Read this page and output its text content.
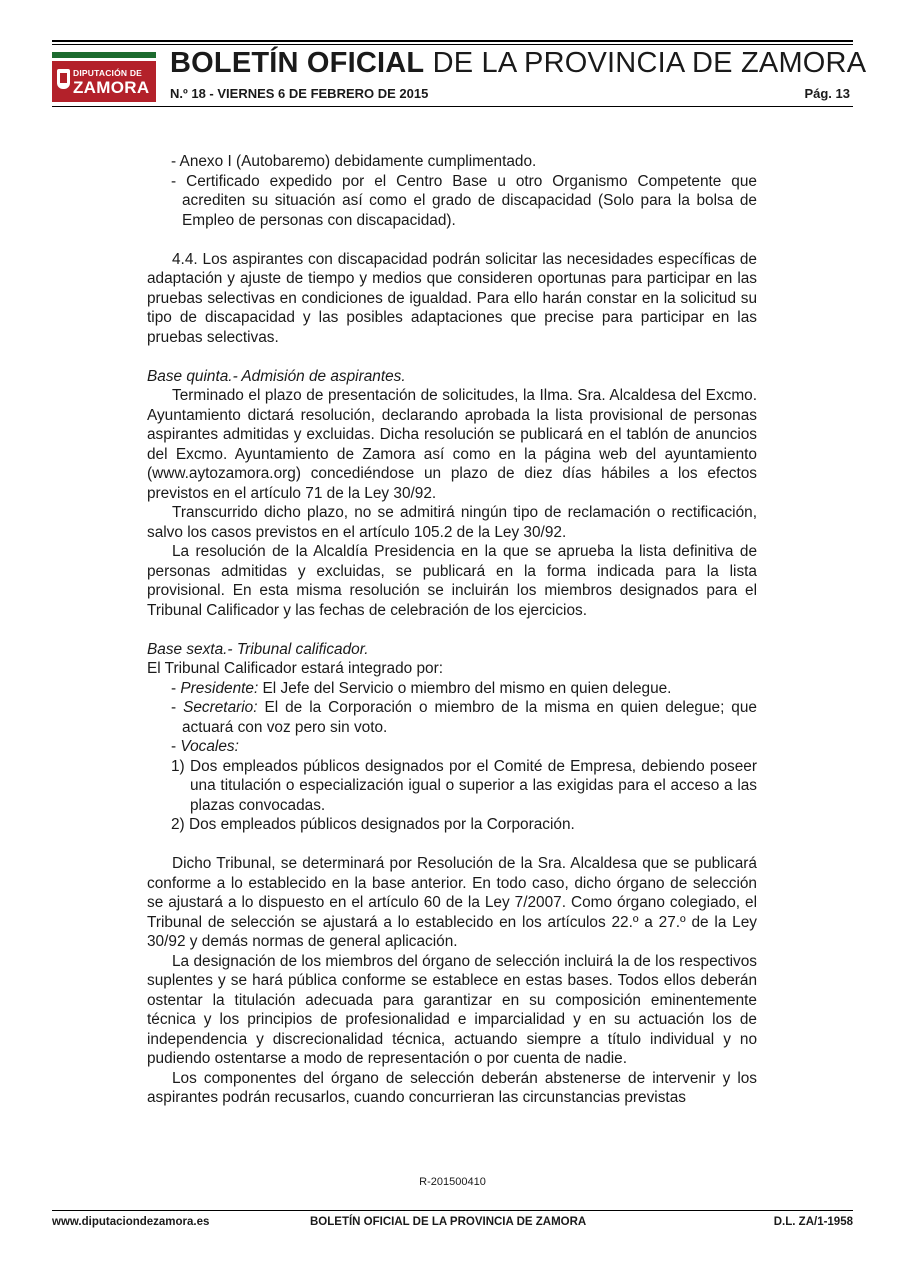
DIPUTACIÓN DE
ZAMORA
BOLETÍN OFICIAL DE LA PROVINCIA DE ZAMORA
N.º 18 - VIERNES 6 DE FEBRERO DE 2015	Pág. 13

- Anexo I (Autobaremo) debidamente cumplimentado.

- Certificado expedido por el Centro Base u otro Organismo Competente que acrediten su situación así como el grado de discapacidad (Solo para la bolsa de Empleo de personas con discapacidad).

4.4. Los aspirantes con discapacidad podrán solicitar las necesidades específicas de adaptación y ajuste de tiempo y medios que consideren oportunas para participar en las pruebas selectivas en condiciones de igualdad. Para ello harán constar en la solicitud su tipo de discapacidad y las posibles adaptaciones que precise para participar en las pruebas selectivas.

Base quinta.- Admisión de aspirantes.

Terminado el plazo de presentación de solicitudes, la Ilma. Sra. Alcaldesa del Excmo. Ayuntamiento dictará resolución, declarando aprobada la lista provisional de personas aspirantes admitidas y excluidas. Dicha resolución se publicará en el tablón de anuncios del Excmo. Ayuntamiento de Zamora así como en la página web del ayuntamiento (www.aytozamora.org) concediéndose un plazo de diez días hábiles a los efectos previstos en el artículo 71 de la Ley 30/92.

Transcurrido dicho plazo, no se admitirá ningún tipo de reclamación o rectificación, salvo los casos previstos en el artículo 105.2 de la Ley 30/92.

La resolución de la Alcaldía Presidencia en la que se aprueba la lista definitiva de personas admitidas y excluidas, se publicará en la forma indicada para la lista provisional. En esta misma resolución se incluirán los miembros designados para el Tribunal Calificador y las fechas de celebración de los ejercicios.

Base sexta.- Tribunal calificador.

El Tribunal Calificador estará integrado por:

- Presidente: El Jefe del Servicio o miembro del mismo en quien delegue.

- Secretario: El de la Corporación o miembro de la misma en quien delegue; que actuará con voz pero sin voto.

- Vocales:

1) Dos empleados públicos designados por el Comité de Empresa, debiendo poseer una titulación o especialización igual o superior a las exigidas para el acceso a las plazas convocadas.

2) Dos empleados públicos designados por la Corporación.

Dicho Tribunal, se determinará por Resolución de la Sra. Alcaldesa que se publicará conforme a lo establecido en la base anterior. En todo caso, dicho órgano de selección se ajustará a lo dispuesto en el artículo 60 de la Ley 7/2007. Como órgano colegiado, el Tribunal de selección se ajustará a lo establecido en los artículos 22.º a 27.º de la Ley 30/92 y demás normas de general aplicación.

La designación de los miembros del órgano de selección incluirá la de los respectivos suplentes y se hará pública conforme se establece en estas bases. Todos ellos deberán ostentar la titulación adecuada para garantizar en su composición eminentemente técnica y los principios de profesionalidad e imparcialidad y en su actuación los de independencia y discrecionalidad técnica, actuando siempre a título individual y no pudiendo ostentarse a modo de representación o por cuenta de nadie.

Los componentes del órgano de selección deberán abstenerse de intervenir y los aspirantes podrán recusarlos, cuando concurrieran las circunstancias previstas

R-201500410
www.diputaciondezamora.es	BOLETÍN OFICIAL DE LA PROVINCIA DE ZAMORA	D.L. ZA/1-1958
